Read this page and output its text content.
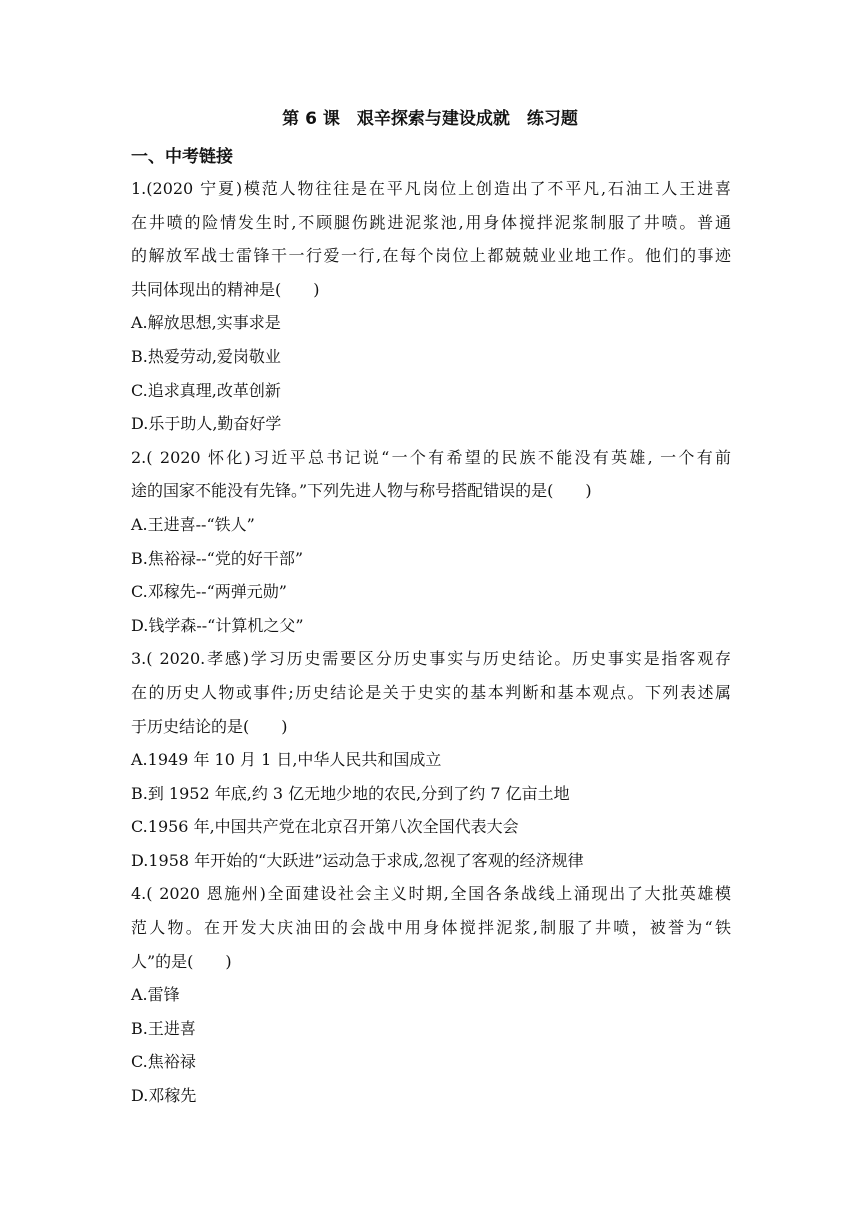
第 6 课　艰辛探索与建设成就　练习题
一、中考链接
1.(2020 宁夏)模范人物往往是在平凡岗位上创造出了不平凡,石油工人王进喜
在井喷的险情发生时,不顾腿伤跳进泥浆池,用身体搅拌泥浆制服了井喷。普通
的解放军战士雷锋干一行爱一行,在每个岗位上都兢兢业业地工作。他们的事迹
共同体现出的精神是(　　)
A.解放思想,实事求是
B.热爱劳动,爱岗敬业
C.追求真理,改革创新
D.乐于助人,勤奋好学
2.( 2020 怀化)习近平总书记说“一个有希望的民族不能没有英雄, 一个有前
途的国家不能没有先锋。”下列先进人物与称号搭配错误的是(　　)
A.王进喜--“铁人”
B.焦裕禄--“党的好干部”
C.邓稼先--“两弹元勋”
D.钱学森--“计算机之父”
3.( 2020.孝感)学习历史需要区分历史事实与历史结论。历史事实是指客观存
在的历史人物或事件;历史结论是关于史实的基本判断和基本观点。下列表述属
于历史结论的是(　　)
A.1949 年 10 月 1 日,中华人民共和国成立
B.到 1952 年底,约 3 亿无地少地的农民,分到了约 7 亿亩土地
C.1956 年,中国共产党在北京召开第八次全国代表大会
D.1958 年开始的“大跃进”运动急于求成,忽视了客观的经济规律
4.( 2020 恩施州)全面建设社会主义时期,全国各条战线上涌现出了大批英雄模
范人物。在开发大庆油田的会战中用身体搅拌泥浆,制服了井喷，被誉为“铁
人”的是(　　)
A.雷锋
B.王进喜
C.焦裕禄
D.邓稼先
